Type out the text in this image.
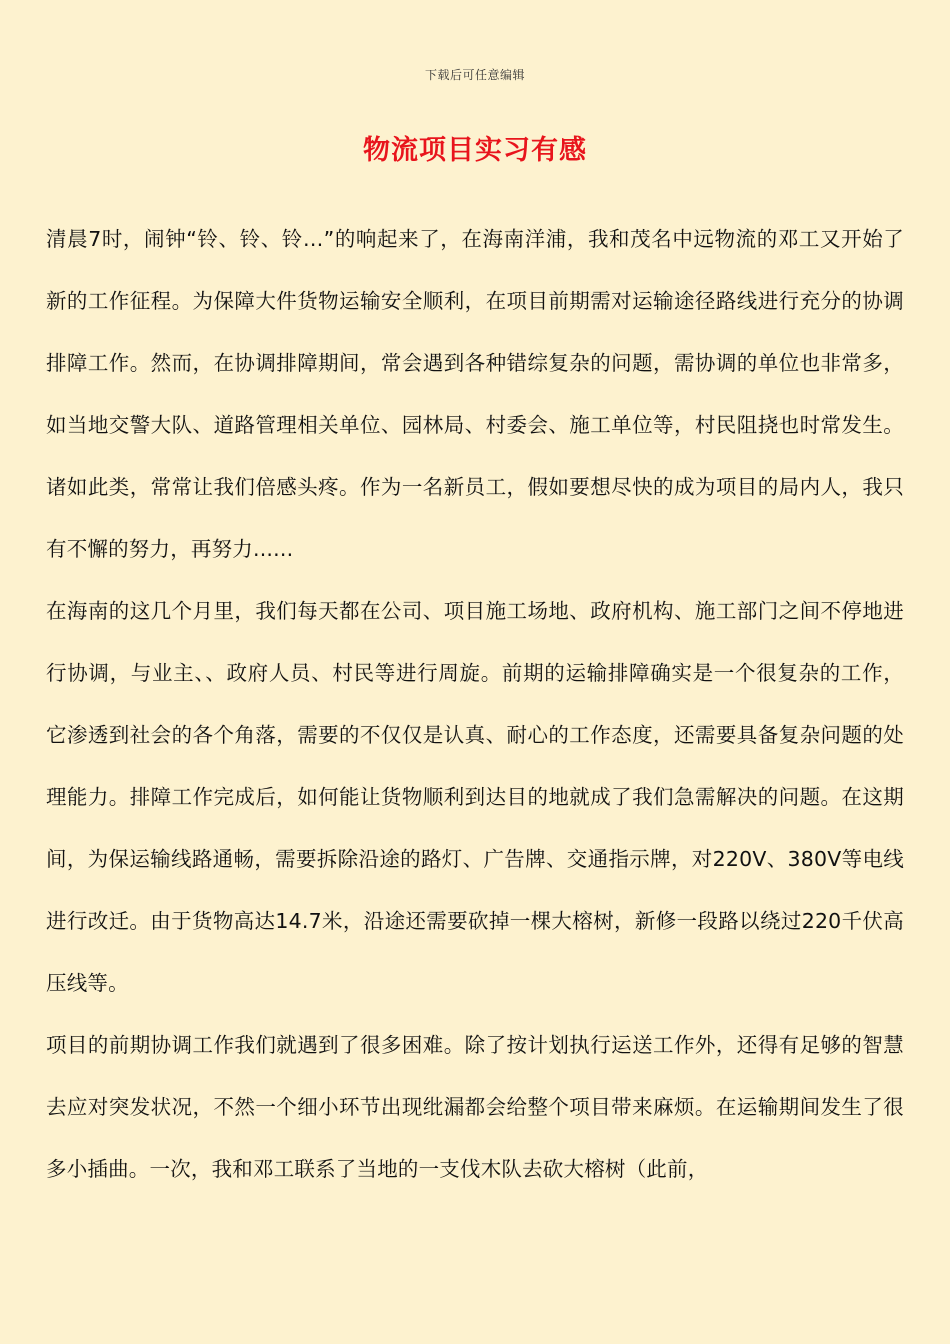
下载后可任意编辑
物流项目实习有感

清晨7时，闹钟“铃、铃、铃…”的响起来了，在海南洋浦，我和茂名中远物流的邓工又开始了新的工作征程。为保障大件货物运输安全顺利，在项目前期需对运输途径路线进行充分的协调排障工作。然而，在协调排障期间，常会遇到各种错综复杂的问题，需协调的单位也非常多，如当地交警大队、道路管理相关单位、园林局、村委会、施工单位等，村民阻挠也时常发生。诸如此类，常常让我们倍感头疼。作为一名新员工，假如要想尽快的成为项目的局内人，我只有不懈的努力，再努力......

在海南的这几个月里，我们每天都在公司、项目施工场地、政府机构、施工部门之间不停地进行协调，与业主、、政府人员、村民等进行周旋。前期的运输排障确实是一个很复杂的工作，它渗透到社会的各个角落，需要的不仅仅是认真、耐心的工作态度，还需要具备复杂问题的处理能力。排障工作完成后，如何能让货物顺利到达目的地就成了我们急需解决的问题。在这期间，为保运输线路通畅，需要拆除沿途的路灯、广告牌、交通指示牌，对220V、380V等电线进行改迁。由于货物高达14.7米，沿途还需要砍掉一棵大榕树，新修一段路以绕过220千伏高压线等。

项目的前期协调工作我们就遇到了很多困难。除了按计划执行运送工作外，还得有足够的智慧去应对突发状况，不然一个细小环节出现纰漏都会给整个项目带来麻烦。在运输期间发生了很多小插曲。一次，我和邓工联系了当地的一支伐木队去砍大榕树（此前，
